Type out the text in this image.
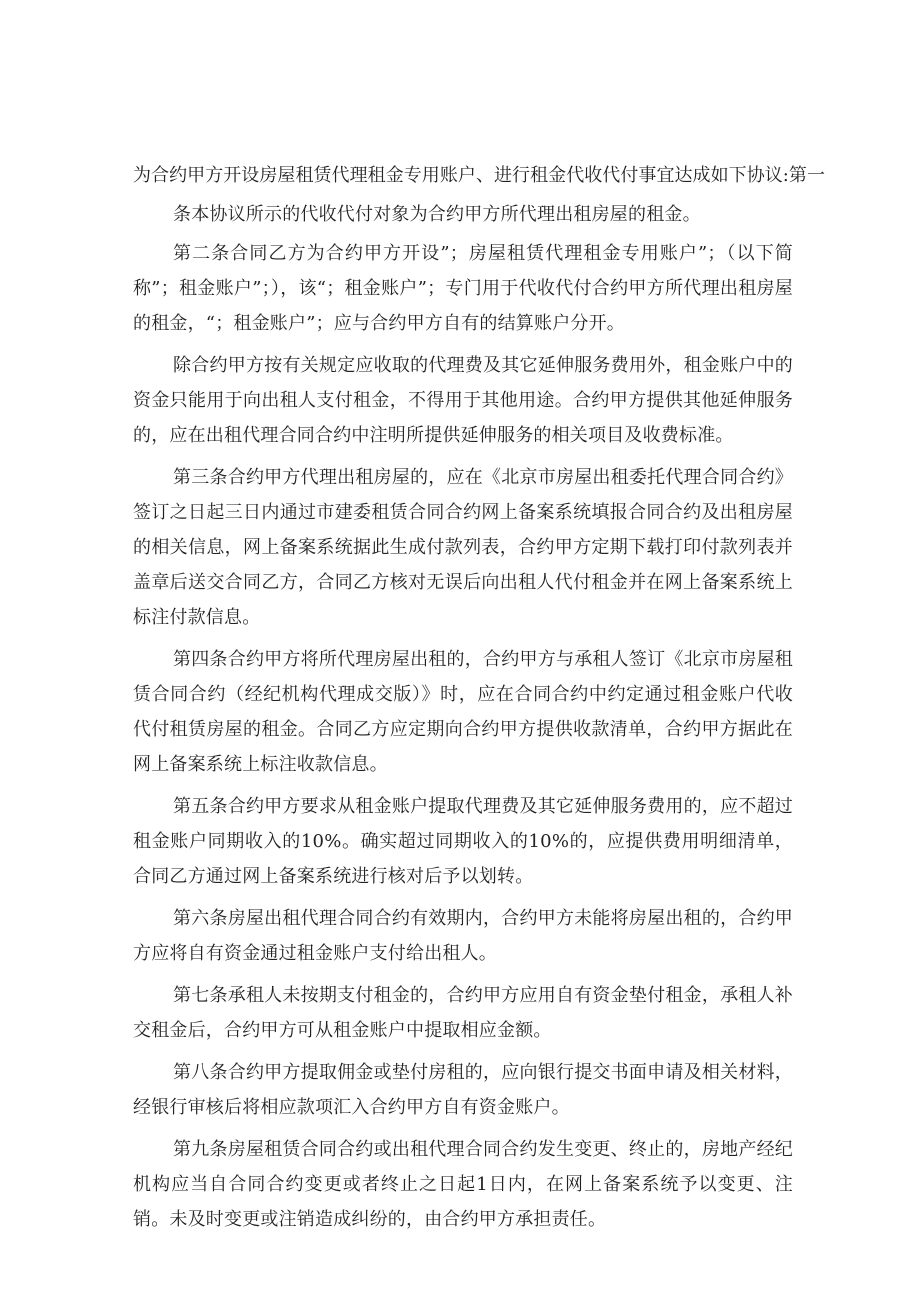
为合约甲方开设房屋租赁代理租金专用账户、进行租金代收代付事宜达成如下协议:第一

条本协议所示的代收代付对象为合约甲方所代理出租房屋的租金。

第二条合同乙方为合约甲方开设”；房屋租赁代理租金专用账户”；（以下简称”；租金账户”；），该“；租金账户”；专门用于代收代付合约甲方所代理出租房屋的租金，“；租金账户”；应与合约甲方自有的结算账户分开。

除合约甲方按有关规定应收取的代理费及其它延伸服务费用外，租金账户中的资金只能用于向出租人支付租金，不得用于其他用途。合约甲方提供其他延伸服务的，应在出租代理合同合约中注明所提供延伸服务的相关项目及收费标准。

第三条合约甲方代理出租房屋的，应在《北京市房屋出租委托代理合同合约》签订之日起三日内通过市建委租赁合同合约网上备案系统填报合同合约及出租房屋的相关信息，网上备案系统据此生成付款列表，合约甲方定期下载打印付款列表并盖章后送交合同乙方，合同乙方核对无误后向出租人代付租金并在网上备案系统上标注付款信息。

第四条合约甲方将所代理房屋出租的，合约甲方与承租人签订《北京市房屋租赁合同合约（经纪机构代理成交版）》时，应在合同合约中约定通过租金账户代收代付租赁房屋的租金。合同乙方应定期向合约甲方提供收款清单，合约甲方据此在网上备案系统上标注收款信息。

第五条合约甲方要求从租金账户提取代理费及其它延伸服务费用的，应不超过租金账户同期收入的10%。确实超过同期收入的10%的，应提供费用明细清单，合同乙方通过网上备案系统进行核对后予以划转。

第六条房屋出租代理合同合约有效期内，合约甲方未能将房屋出租的，合约甲方应将自有资金通过租金账户支付给出租人。

第七条承租人未按期支付租金的，合约甲方应用自有资金垫付租金，承租人补交租金后，合约甲方可从租金账户中提取相应金额。

第八条合约甲方提取佣金或垫付房租的，应向银行提交书面申请及相关材料，经银行审核后将相应款项汇入合约甲方自有资金账户。

第九条房屋租赁合同合约或出租代理合同合约发生变更、终止的，房地产经纪机构应当自合同合约变更或者终止之日起1日内，在网上备案系统予以变更、注销。未及时变更或注销造成纠纷的，由合约甲方承担责任。
